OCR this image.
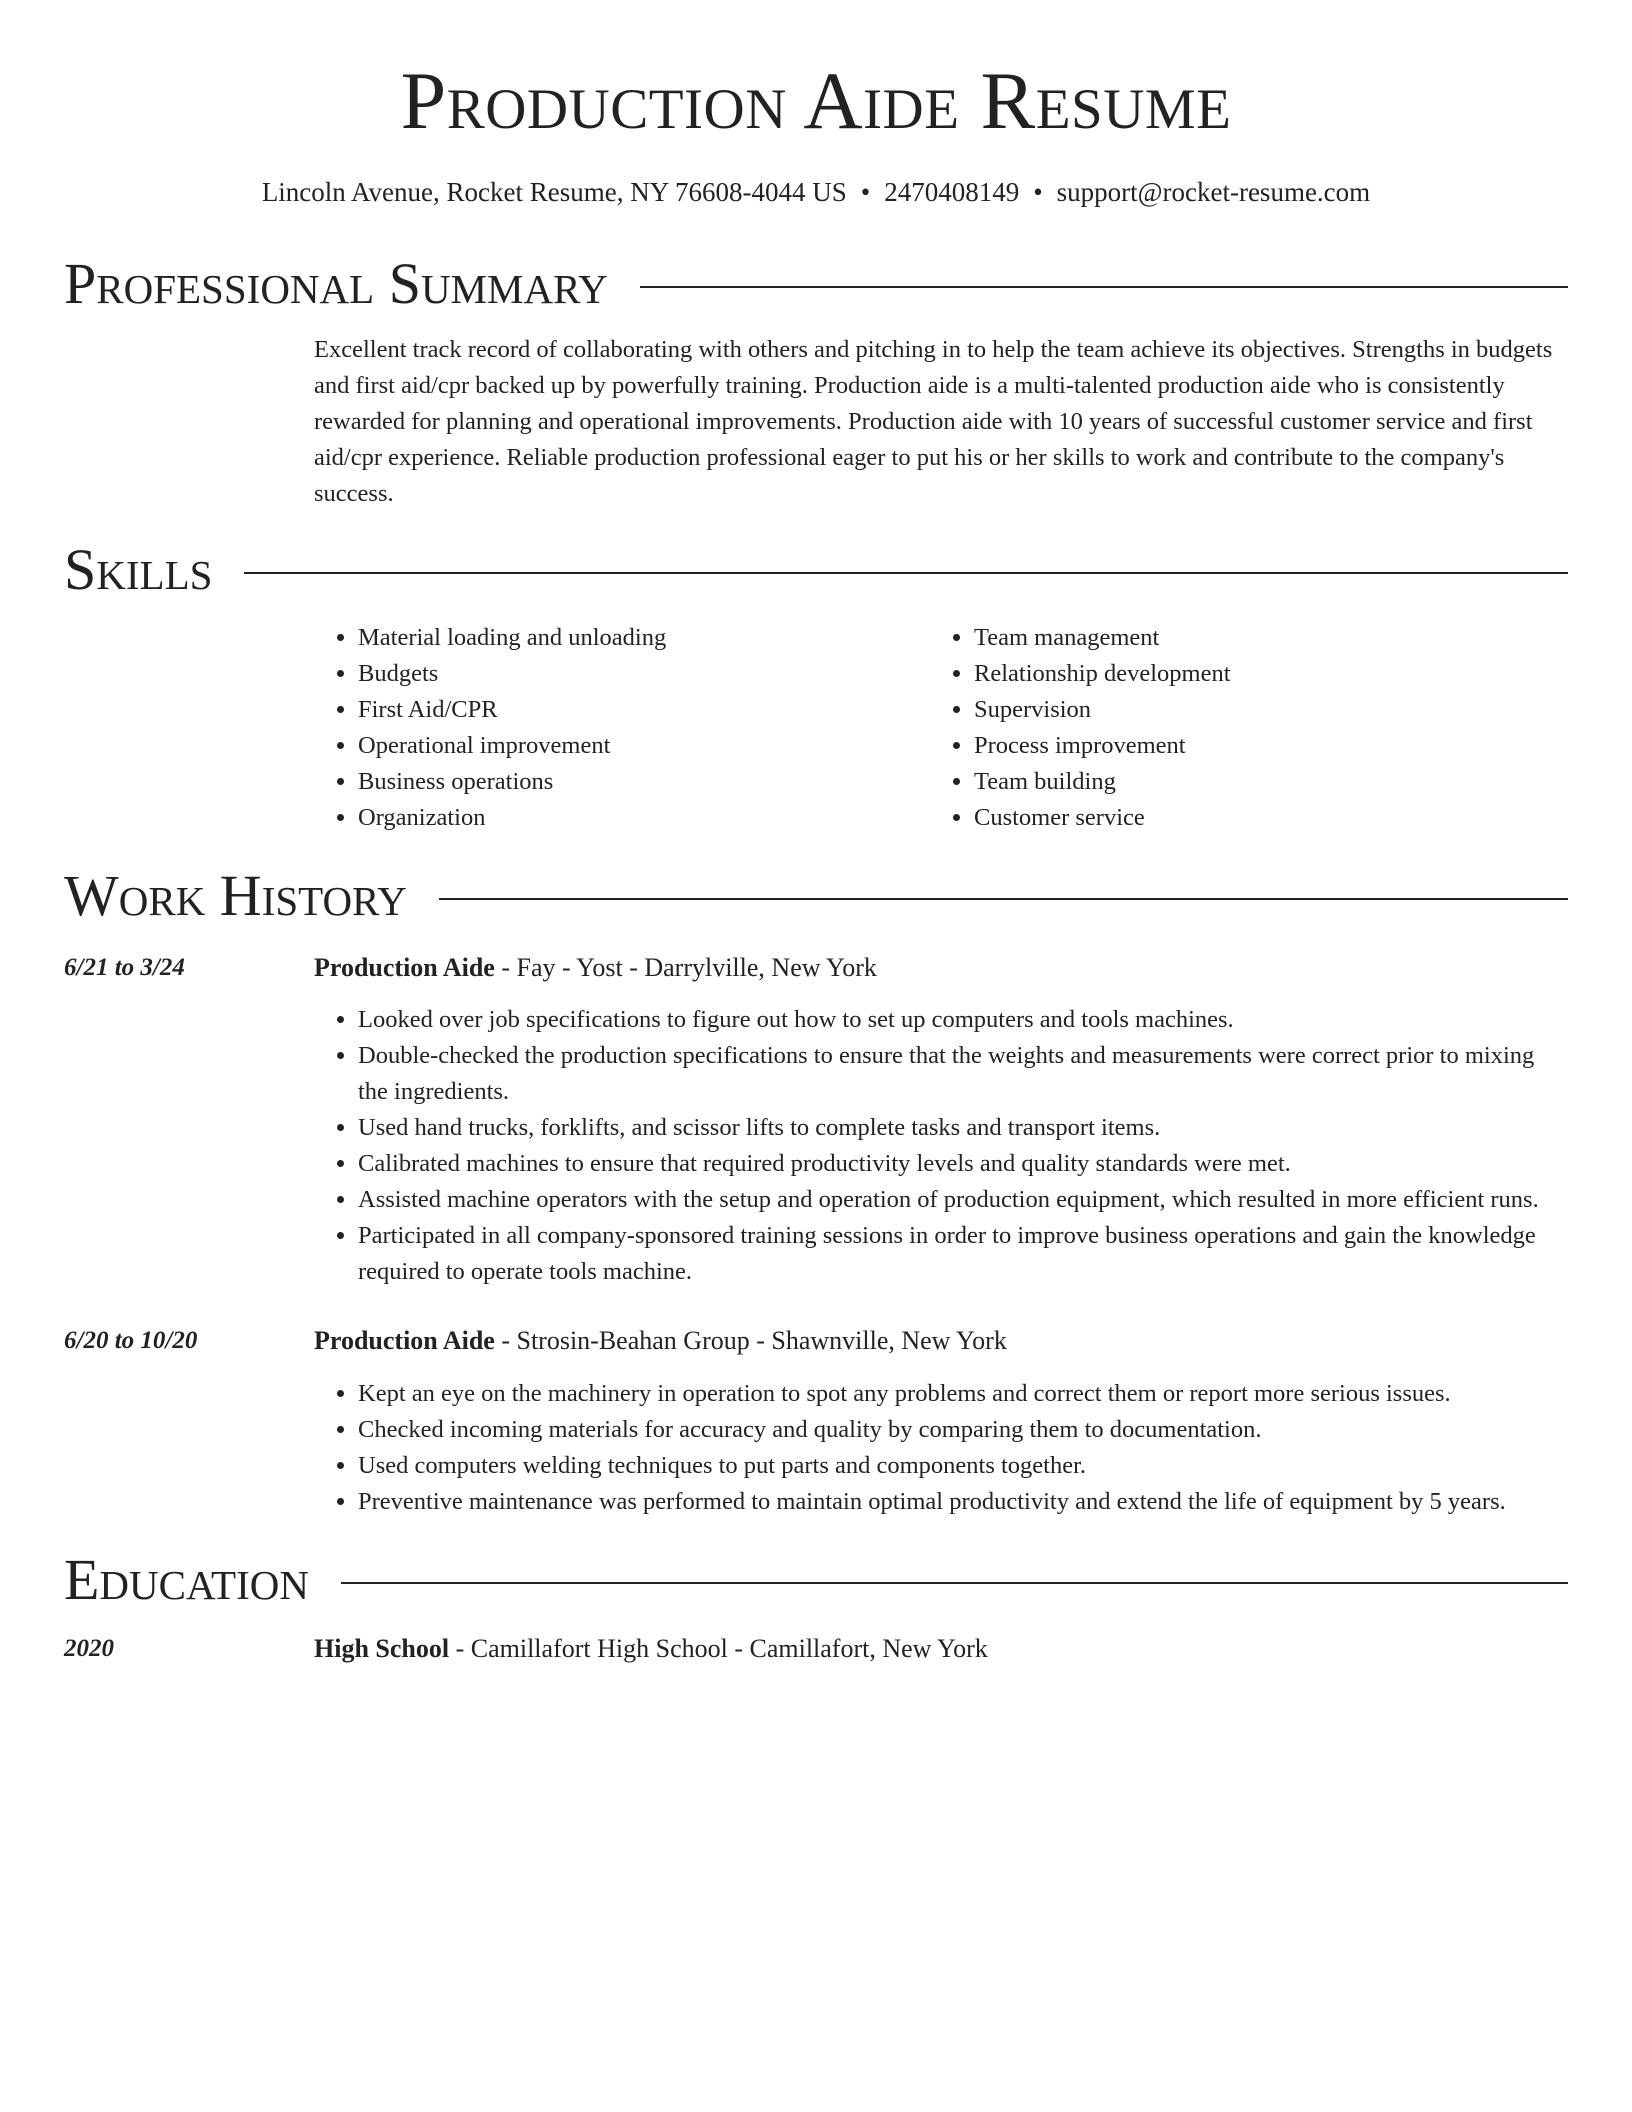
Production Aide Resume
Lincoln Avenue, Rocket Resume, NY 76608-4044 US • 2470408149 • support@rocket-resume.com
Professional Summary

Excellent track record of collaborating with others and pitching in to help the team achieve its objectives. Strengths in budgets and first aid/cpr backed up by powerfully training. Production aide is a multi-talented production aide who is consistently rewarded for planning and operational improvements. Production aide with 10 years of successful customer service and first aid/cpr experience. Reliable production professional eager to put his or her skills to work and contribute to the company's success.

Skills
• Material loading and unloading
• Budgets
• First Aid/CPR
• Operational improvement
• Business operations
• Organization
• Team management
• Relationship development
• Supervision
• Process improvement
• Team building
• Customer service
Work History
6/21 to 3/24	Production Aide - Fay - Yost - Darrylville, New York
• Looked over job specifications to figure out how to set up computers and tools machines.
• Double-checked the production specifications to ensure that the weights and measurements were correct prior to mixing the ingredients.
• Used hand trucks, forklifts, and scissor lifts to complete tasks and transport items.
• Calibrated machines to ensure that required productivity levels and quality standards were met.
• Assisted machine operators with the setup and operation of production equipment, which resulted in more efficient runs.
• Participated in all company-sponsored training sessions in order to improve business operations and gain the knowledge required to operate tools machine.
6/20 to 10/20	Production Aide - Strosin-Beahan Group - Shawnville, New York
• Kept an eye on the machinery in operation to spot any problems and correct them or report more serious issues.
• Checked incoming materials for accuracy and quality by comparing them to documentation.
• Used computers welding techniques to put parts and components together.
• Preventive maintenance was performed to maintain optimal productivity and extend the life of equipment by 5 years.
Education
2020	High School - Camillafort High School - Camillafort, New York
